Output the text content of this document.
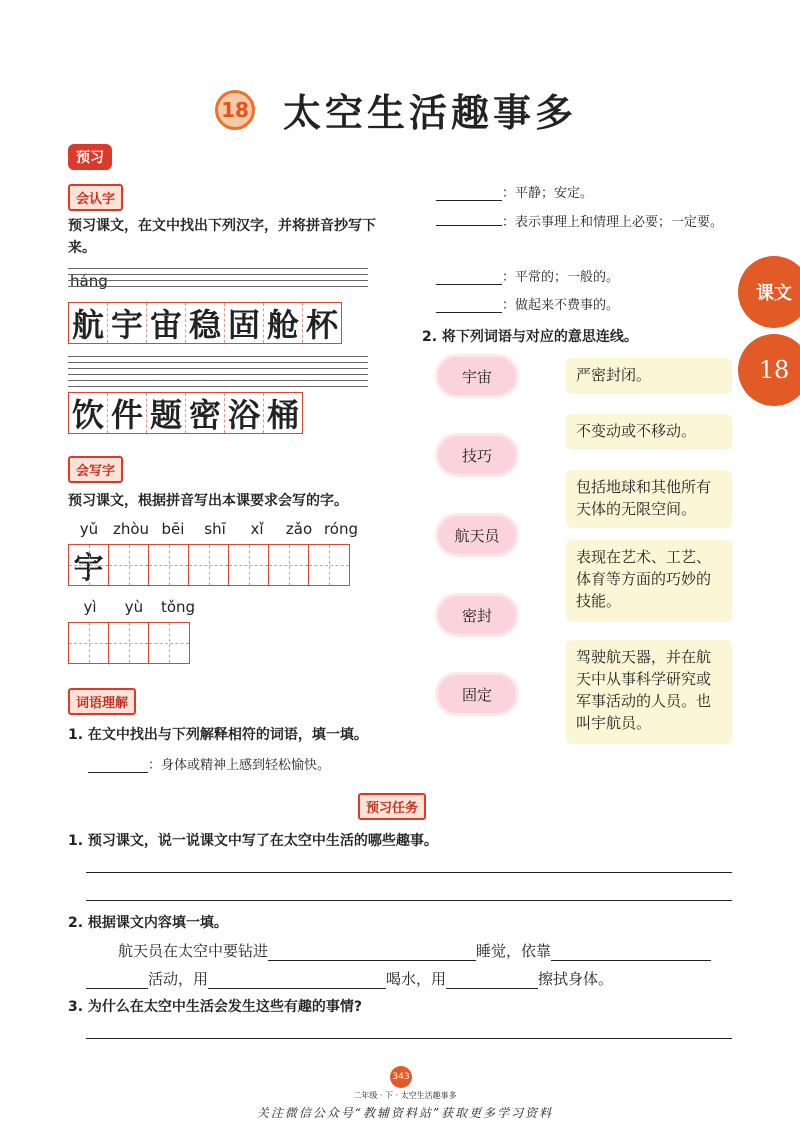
18 太空生活趣事多
课文
18
预习
会认字
预习课文，在文中找出下列汉字，并将拼音抄写下来。
háng
航 宇 宙 稳 固 舱 杯
饮 件 题 密 浴 桶
会写字
预习课文，根据拼音写出本课要求会写的字。
yǔ zhòu bēi	shī	xǐ	zǎo róng
宇
yì	yù	tǒng
词语理解
1. 在文中找出与下列解释相符的词语，填一填。
：身体或精神上感到轻松愉快。
：平静；安定。
：表示事理上和情理上必要；一定要。
：平常的；一般的。
：做起来不费事的。
2. 将下列词语与对应的意思连线。
宇宙
技巧
航天员
密封
固定
严密封闭。
不变动或不移动。
包括地球和其他所有天体的无限空间。
表现在艺术、工艺、体育等方面的巧妙的技能。
驾驶航天器，并在航天中从事科学研究或军事活动的人员。也叫宇航员。
预习任务
1. 预习课文，说一说课文中写了在太空中生活的哪些趣事。
2. 根据课文内容填一填。
航天员在太空中要钻进	睡觉，依靠
活动，用	喝水，用	擦拭身体。
3. 为什么在太空中生活会发生这些有趣的事情?
343
二年级 · 下 · 太空生活趣事多
关注微信公众号“教辅资料站”获取更多学习资料
